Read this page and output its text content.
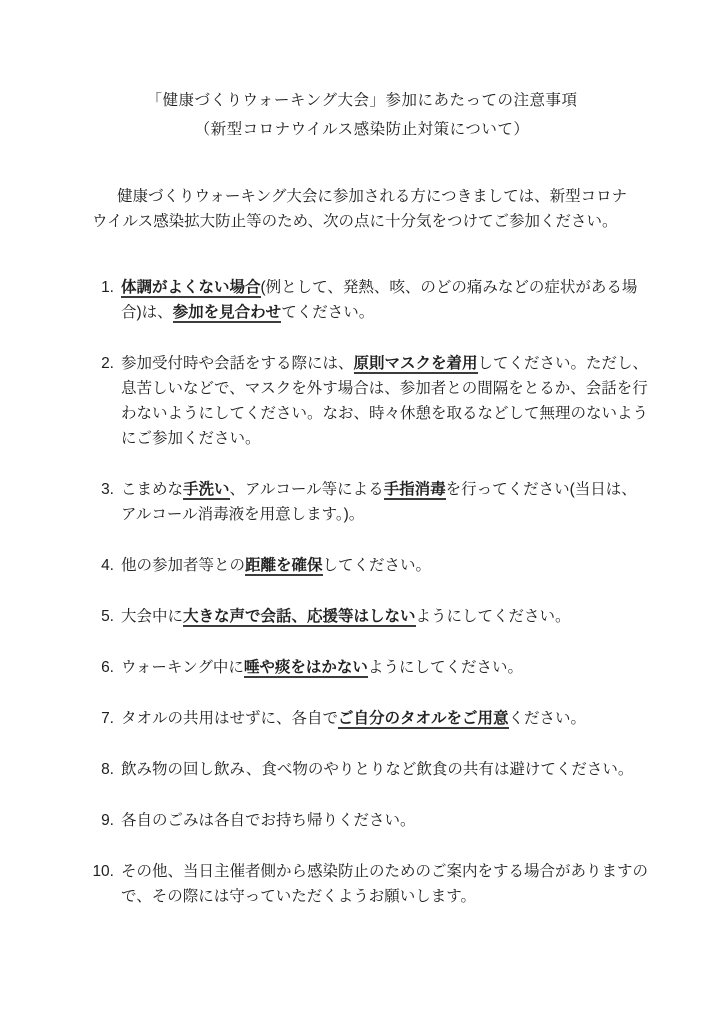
「健康づくりウォーキング大会」参加にあたっての注意事項
（新型コロナウイルス感染防止対策について）

健康づくりウォーキング大会に参加される方につきましては、新型コロナウイルス感染拡大防止等のため、次の点に十分気をつけてご参加ください。

1. 体調がよくない場合(例として、発熱、咳、のどの痛みなどの症状がある場合)は、参加を見合わせてください。
2. 参加受付時や会話をする際には、原則マスクを着用してください。ただし、息苦しいなどで、マスクを外す場合は、参加者との間隔をとるか、会話を行わないようにしてください。なお、時々休憩を取るなどして無理のないようにご参加ください。
3. こまめな手洗い、アルコール等による手指消毒を行ってください(当日は、アルコール消毒液を用意します。)。
4. 他の参加者等との距離を確保してください。
5. 大会中に大きな声で会話、応援等はしないようにしてください。
6. ウォーキング中に唾や痰をはかないようにしてください。
7. タオルの共用はせずに、各自でご自分のタオルをご用意ください。
8. 飲み物の回し飲み、食べ物のやりとりなど飲食の共有は避けてください。
9. 各自のごみは各自でお持ち帰りください。
10. その他、当日主催者側から感染防止のためのご案内をする場合がありますので、その際には守っていただくようお願いします。
